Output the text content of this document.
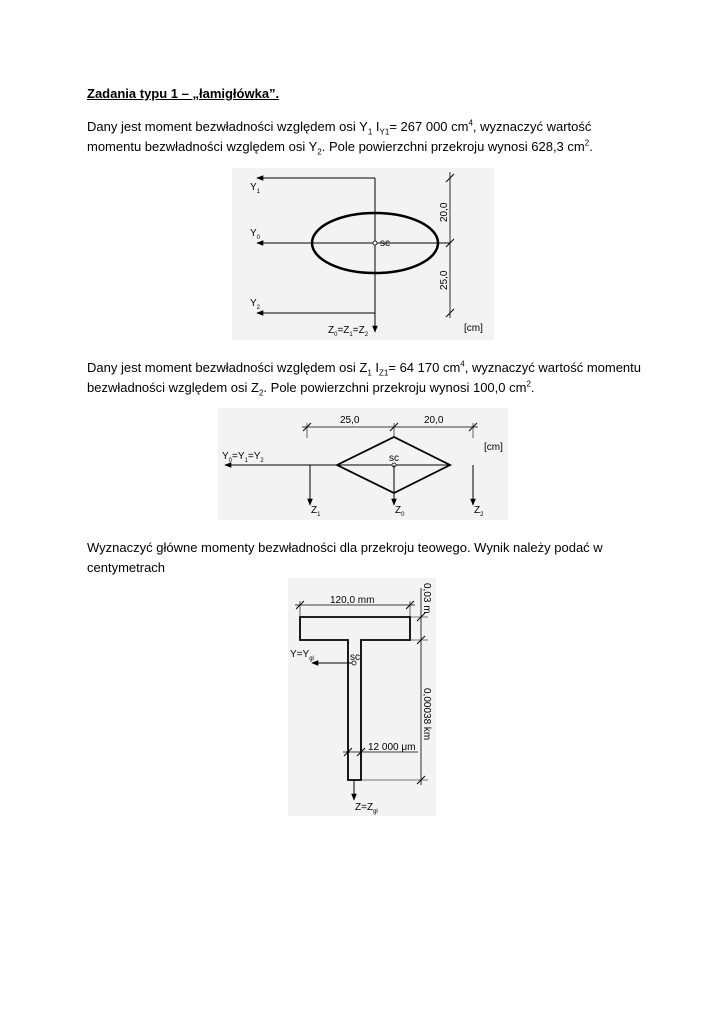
Zadania typu 1 – „łamigłówka”.
Dany jest moment bezwładności względem osi $Y_1$ $I_{Y1}= 267$ 000 $cm^4$, wyznaczyć wartość momentu bezwładności względem osi $Y_2$. Pole powierzchni przekroju wynosi 628,3 $cm^2$.
Dany jest moment bezwładności względem osi $Z_1$ $I_{Z1}= 64$ 170 $cm^4$, wyznaczyć wartość momentu bezwładności względem osi $Z_2$. Pole powierzchni przekroju wynosi 100,0 $cm^2$.
Wyznaczyć główne momenty bezwładności dla przekroju teowego. Wynik należy podać w centymetrach
sc
$Y_1$
$Y_0$
$Y_2$
$Z_0=Z_1=Z_2$
20,0
25,0
[cm]
25,0	20,0
[cm]
sc
$Y_0=Y_1=Y_2$
$Z_1$	$Z_0$	$Z_2$
120,0 mm	0,03 m
0,00038 km
12 000 μm
sc
$Y=Y_{gl}$
$Z=Z_{gl}$
